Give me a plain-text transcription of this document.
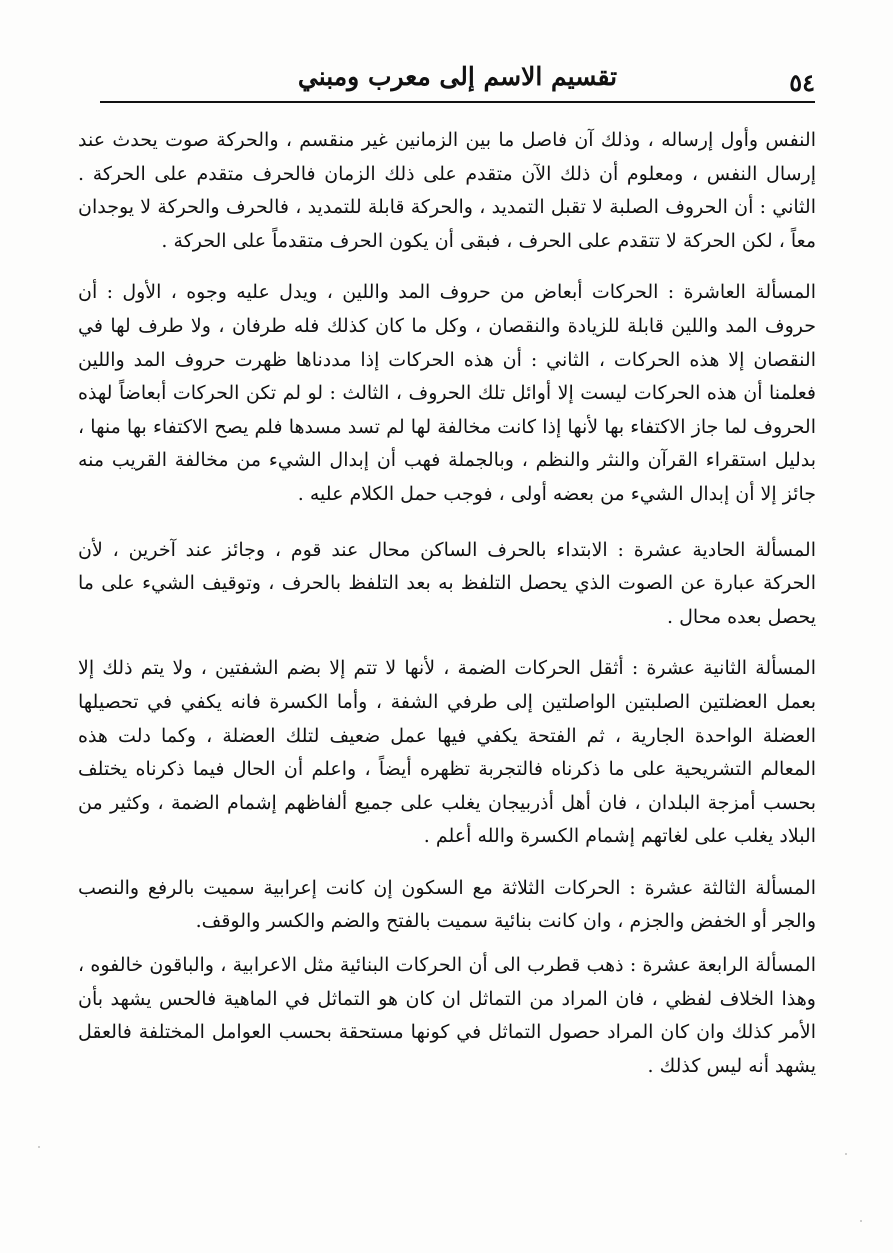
٥٤
تقسيم الاسم إلى معرب ومبني

النفس وأول إرساله ، وذلك آن فاصل ما بين الزمانين غير منقسم ، والحركة صوت يحدث عند إرسال النفس ، ومعلوم أن ذلك الآن متقدم على ذلك الزمان فالحرف متقدم على الحركة . الثاني : أن الحروف الصلبة لا تقبل التمديد ، والحركة قابلة للتمديد ، فالحرف والحركة لا يوجدان معاً ، لكن الحركة لا تتقدم على الحرف ، فبقى أن يكون الحرف متقدماً على الحركة .

المسألة العاشرة : الحركات أبعاض من حروف المد واللين ، ويدل عليه وجوه ، الأول : أن حروف المد واللين قابلة للزيادة والنقصان ، وكل ما كان كذلك فله طرفان ، ولا طرف لها في النقصان إلا هذه الحركات ، الثاني : أن هذه الحركات إذا مددناها ظهرت حروف المد واللين فعلمنا أن هذه الحركات ليست إلا أوائل تلك الحروف ، الثالث : لو لم تكن الحركات أبعاضاً لهذه الحروف لما جاز الاكتفاء بها لأنها إذا كانت مخالفة لها لم تسد مسدها فلم يصح الاكتفاء بها منها ، بدليل استقراء القرآن والنثر والنظم ، وبالجملة فهب أن إبدال الشيء من مخالفة القريب منه جائز إلا أن إبدال الشيء من بعضه أولى ، فوجب حمل الكلام عليه .

المسألة الحادية عشرة : الابتداء بالحرف الساكن محال عند قوم ، وجائز عند آخرين ، لأن الحركة عبارة عن الصوت الذي يحصل التلفظ به بعد التلفظ بالحرف ، وتوقيف الشيء على ما يحصل بعده محال .

المسألة الثانية عشرة : أثقل الحركات الضمة ، لأنها لا تتم إلا بضم الشفتين ، ولا يتم ذلك إلا بعمل العضلتين الصلبتين الواصلتين إلى طرفي الشفة ، وأما الكسرة فانه يكفي في تحصيلها العضلة الواحدة الجارية ، ثم الفتحة يكفي فيها عمل ضعيف لتلك العضلة ، وكما دلت هذه المعالم التشريحية على ما ذكرناه فالتجربة تظهره أيضاً ، واعلم أن الحال فيما ذكرناه يختلف بحسب أمزجة البلدان ، فان أهل أذربيجان يغلب على جميع ألفاظهم إشمام الضمة ، وكثير من البلاد يغلب على لغاتهم إشمام الكسرة والله أعلم .

المسألة الثالثة عشرة : الحركات الثلاثة مع السكون إن كانت إعرابية سميت بالرفع والنصب والجر أو الخفض والجزم ، وان كانت بنائية سميت بالفتح والضم والكسر والوقف.

المسألة الرابعة عشرة : ذهب قطرب الى أن الحركات البنائية مثل الاعرابية ، والباقون خالفوه ، وهذا الخلاف لفظي ، فان المراد من التماثل ان كان هو التماثل في الماهية فالحس يشهد بأن الأمر كذلك وان كان المراد حصول التماثل في كونها مستحقة بحسب العوامل المختلفة فالعقل يشهد أنه ليس كذلك .
